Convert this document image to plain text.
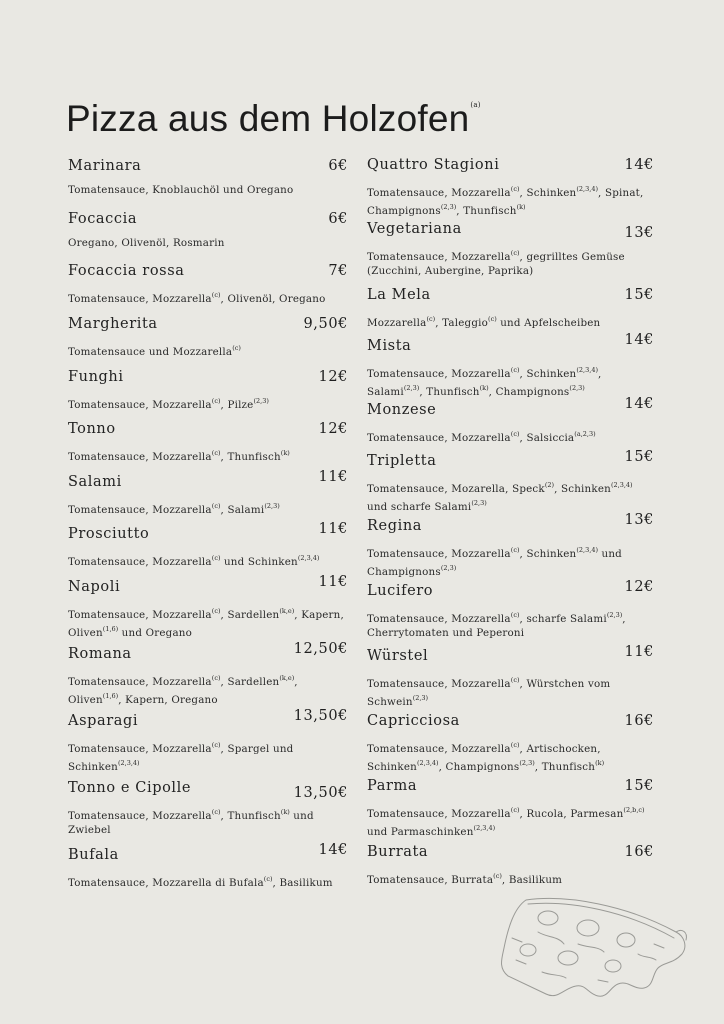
Pizza aus dem Holzofen$^{(a)}$
Marinara	6€
Tomatensauce, Knoblauchöl und Oregano
Focaccia	6€
Oregano, Olivenöl, Rosmarin
Focaccia rossa	7€
Tomatensauce, Mozzarella$^{(c)}$, Olivenöl, Oregano
Margherita	9,50€
Tomatensauce und Mozzarella$^{(c)}$
Funghi	12€
Tomatensauce, Mozzarella$^{(c)}$, Pilze$^{(2,3)}$
Tonno	12€
Tomatensauce, Mozzarella$^{(c)}$, Thunfisch$^{(k)}$
Salami	11€
Tomatensauce, Mozzarella$^{(c)}$, Salami$^{(2,3)}$
Prosciutto	11€
Tomatensauce, Mozzarella$^{(c)}$ und Schinken$^{(2,3,4)}$
Napoli	11€
Tomatensauce, Mozzarella$^{(c)}$, Sardellen$^{(k,e)}$, Kapern, Oliven$^{(1,6)}$ und Oregano
Romana	12,50€
Tomatensauce, Mozzarella$^{(c)}$, Sardellen$^{(k,e)}$, Oliven$^{(1,6)}$, Kapern, Oregano
Asparagi	13,50€
Tomatensauce, Mozzarella$^{(c)}$, Spargel und Schinken$^{(2,3,4)}$
Tonno e Cipolle	13,50€
Tomatensauce, Mozzarella$^{(c)}$, Thunfisch$^{(k)}$ und Zwiebel
Bufala	14€
Tomatensauce, Mozzarella di Bufala$^{(c)}$, Basilikum
Quattro Stagioni	14€
Tomatensauce, Mozzarella$^{(c)}$, Schinken$^{(2,3,4)}$, Spinat, Champignons$^{(2,3)}$, Thunfisch$^{(k)}$
Vegetariana	13€
Tomatensauce, Mozzarella$^{(c)}$, gegrilltes Gemüse (Zucchini, Aubergine, Paprika)
La Mela	15€
Mozzarella$^{(c)}$, Taleggio$^{(c)}$ und Apfelscheiben
Mista	14€
Tomatensauce, Mozzarella$^{(c)}$, Schinken$^{(2,3,4)}$, Salami$^{(2,3)}$, Thunfisch$^{(k)}$, Champignons$^{(2,3)}$
Monzese	14€
Tomatensauce, Mozzarella$^{(c)}$, Salsiccia$^{(a,2,3)}$
Tripletta	15€
Tomatensauce, Mozarella, Speck$^{(2)}$, Schinken$^{(2,3,4)}$ und scharfe Salami$^{(2,3)}$
Regina	13€
Tomatensauce, Mozzarella$^{(c)}$, Schinken$^{(2,3,4)}$ und Champignons$^{(2,3)}$
Lucifero	12€
Tomatensauce, Mozzarella$^{(c)}$, scharfe Salami$^{(2,3)}$, Cherrytomaten und Peperoni
Würstel	11€
Tomatensauce, Mozzarella$^{(c)}$, Würstchen vom Schwein$^{(2,3)}$
Capricciosa	16€
Tomatensauce, Mozzarella$^{(c)}$, Artischocken, Schinken$^{(2,3,4)}$, Champignons$^{(2,3)}$, Thunfisch$^{(k)}$
Parma	15€
Tomatensauce, Mozzarella$^{(c)}$, Rucola, Parmesan$^{(2,b,c)}$ und Parmaschinken$^{(2,3,4)}$
Burrata	16€
Tomatensauce, Burrata$^{(c)}$, Basilikum
